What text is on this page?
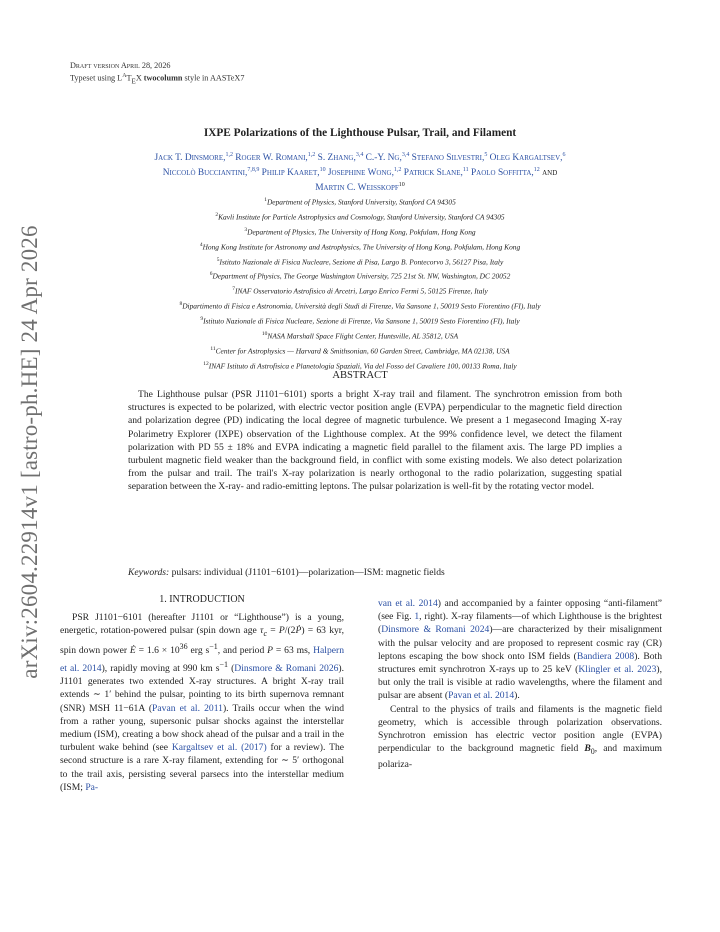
Draft version April 28, 2026
Typeset using $L^AT_EX$ twocolumn style in AASTeX7
arXiv:2604.22914v1 [astro-ph.HE] 24 Apr 2026
IXPE Polarizations of the Lighthouse Pulsar, Trail, and Filament
Jack T. Dinsmore,$^{1,2}$ Roger W. Romani,$^{1,2}$ S. Zhang,$^{3,4}$ C.-Y. Ng,$^{3,4}$ Stefano Silvestri,$^5$ Oleg Kargaltsev,$^6$
Niccolò Bucciantini,$^{7,8,9}$ Philip Kaaret,$^{10}$ Josephine Wong,$^{1,2}$ Patrick Slane,$^{11}$ Paolo Soffitta,$^{12}$ and
Martin C. Weisskopf$^{10}$
$^1$Department of Physics, Stanford University, Stanford CA 94305
$^2$Kavli Institute for Particle Astrophysics and Cosmology, Stanford University, Stanford CA 94305
$^3$Department of Physics, The University of Hong Kong, Pokfulam, Hong Kong
$^4$Hong Kong Institute for Astronomy and Astrophysics, The University of Hong Kong, Pokfulam, Hong Kong
$^5$Istituto Nazionale di Fisica Nucleare, Sezione di Pisa, Largo B. Pontecorvo 3, 56127 Pisa, Italy
$^6$Department of Physics, The George Washington University, 725 21st St. NW, Washington, DC 20052
$^7$INAF Osservatorio Astrofisico di Arcetri, Largo Enrico Fermi 5, 50125 Firenze, Italy
$^8$Dipartimento di Fisica e Astronomia, Università degli Studi di Firenze, Via Sansone 1, 50019 Sesto Fiorentino (FI), Italy
$^9$Istituto Nazionale di Fisica Nucleare, Sezione di Firenze, Via Sansone 1, 50019 Sesto Fiorentino (FI), Italy
$^{10}$NASA Marshall Space Flight Center, Huntsville, AL 35812, USA
$^{11}$Center for Astrophysics — Harvard & Smithsonian, 60 Garden Street, Cambridge, MA 02138, USA
$^{12}$INAF Istituto di Astrofisica e Planetologia Spaziali, Via del Fosso del Cavaliere 100, 00133 Roma, Italy
ABSTRACT
The Lighthouse pulsar (PSR J1101−6101) sports a bright X-ray trail and filament. The synchrotron emission from both structures is expected to be polarized, with electric vector position angle (EVPA) perpendicular to the magnetic field direction and polarization degree (PD) indicating the local degree of magnetic turbulence. We present a 1 megasecond Imaging X-ray Polarimetry Explorer (IXPE) observation of the Lighthouse complex. At the 99% confidence level, we detect the filament polarization with PD 55 ± 18% and EVPA indicating a magnetic field parallel to the filament axis. The large PD implies a turbulent magnetic field weaker than the background field, in conflict with some existing models. We also detect polarization from the pulsar and trail. The trail's X-ray polarization is nearly orthogonal to the radio polarization, suggesting spatial separation between the X-ray- and radio-emitting leptons. The pulsar polarization is well-fit by the rotating vector model.
Keywords: pulsars: individual (J1101−6101)—polarization—ISM: magnetic fields
1. INTRODUCTION

PSR J1101−6101 (hereafter J1101 or “Lighthouse”) is a young, energetic, rotation-powered pulsar (spin down age $\tau_c$ = P/(2Ṗ) = 63 kyr, spin down power Ė = $1.6 \times 10^{36}$ erg $s^{-1}$, and period P = 63 ms, Halpern et al. 2014), rapidly moving at 990 km $s^{-1}$ (Dinsmore & Romani 2026). J1101 generates two extended X-ray structures. A bright X-ray trail extends ∼ 1′ behind the pulsar, pointing to its birth supernova remnant (SNR) MSH 11−61A (Pavan et al. 2011). Trails occur when the wind from a rather young, supersonic pulsar shocks against the interstellar medium (ISM), creating a bow shock ahead of the pulsar and a trail in the turbulent wake behind (see Kargaltsev et al. (2017) for a review). The second structure is a rare X-ray filament, extending for ∼ 5′ orthogonal to the trail axis, persisting several parsecs into the interstellar medium (ISM; Pa-

van et al. 2014) and accompanied by a fainter opposing “anti-filament” (see Fig. 1, right). X-ray filaments—of which Lighthouse is the brightest (Dinsmore & Romani 2024)—are characterized by their misalignment with the pulsar velocity and are proposed to represent cosmic ray (CR) leptons escaping the bow shock onto ISM fields (Bandiera 2008). Both structures emit synchrotron X-rays up to 25 keV (Klingler et al. 2023), but only the trail is visible at radio wavelengths, where the filament and pulsar are absent (Pavan et al. 2014).

Central to the physics of trails and filaments is the magnetic field geometry, which is accessible through polarization observations. Synchrotron emission has electric vector position angle (EVPA) perpendicular to the background magnetic field $B_0$, and maximum polariza-
